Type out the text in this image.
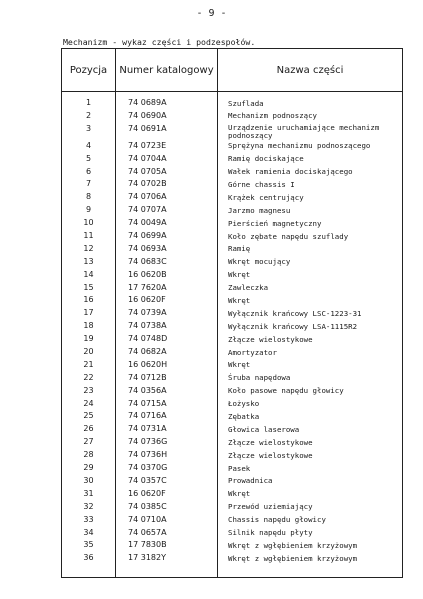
- 9 -
Mechanizm - wykaz części i podzespołów.
Pozycja	Numer katalogowy	Nazwa części
1	74 0689A	Szuflada
2	74 0690A	Mechanizm podnoszący
3	74 0691A	Urządzenie uruchamiające mechanizm podnoszący
4	74 0723E	Sprężyna mechanizmu podnoszącego
5	74 0704A	Ramię dociskające
6	74 0705A	Wałek ramienia dociskającego
7	74 0702B	Górne chassis I
8	74 0706A	Krążek centrujący
9	74 0707A	Jarzmo magnesu
10	74 0049A	Pierścień magnetyczny
11	74 0699A	Koło zębate napędu szuflady
12	74 0693A	Ramię
13	74 0683C	Wkręt mocujący
14	16 0620B	Wkręt
15	17 7620A	Zawleczka
16	16 0620F	Wkręt
17	74 0739A	Wyłącznik krańcowy LSC-1223-31
18	74 0738A	Wyłącznik krańcowy LSA-1115R2
19	74 0748D	Złącze wielostykowe
20	74 0682A	Amortyzator
21	16 0620H	Wkręt
22	74 0712B	Śruba napędowa
23	74 0356A	Koło pasowe napędu głowicy
24	74 0715A	Łożysko
25	74 0716A	Zębatka
26	74 0731A	Głowica laserowa
27	74 0736G	Złącze wielostykowe
28	74 0736H	Złącze wielostykowe
29	74 0370G	Pasek
30	74 0357C	Prowadnica
31	16 0620F	Wkręt
32	74 0385C	Przewód uziemiający
33	74 0710A	Chassis napędu głowicy
34	74 0657A	Silnik napędu płyty
35	17 7830B	Wkręt z wgłębieniem krzyżowym
36	17 3182Y	Wkręt z wgłębieniem krzyżowym
